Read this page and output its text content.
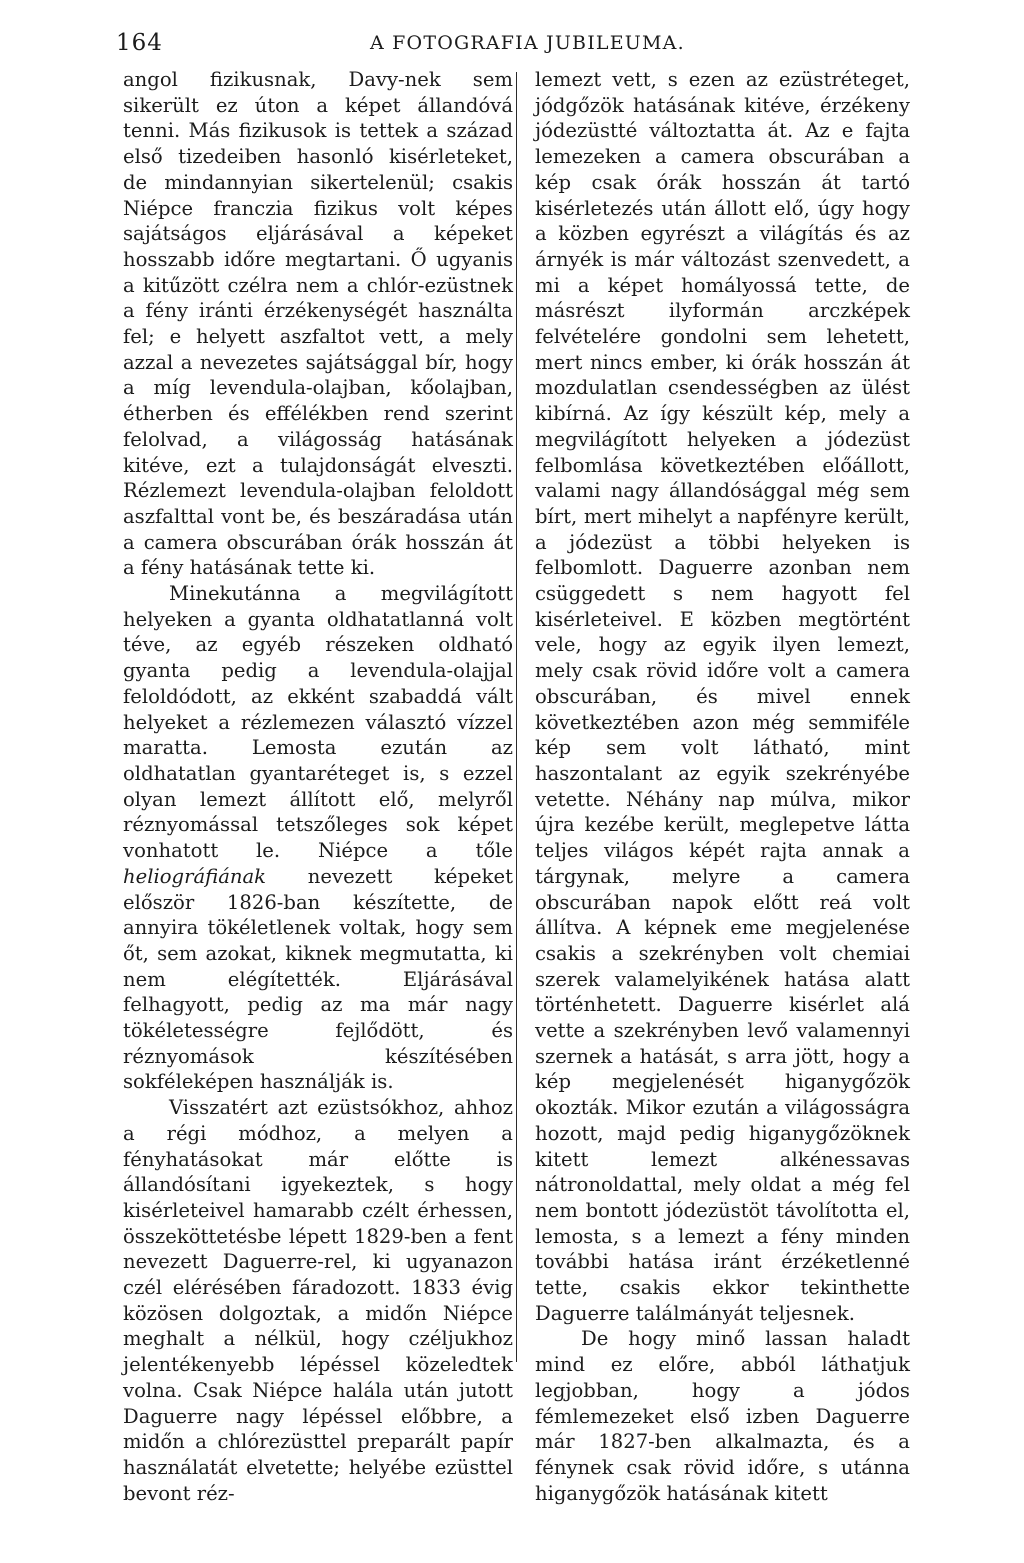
164	A FOTOGRAFIA JUBILEUMA.

angol fizikusnak, Davy-nek sem sikerült ez úton a képet állandóvá tenni. Más fizikusok is tettek a század első tizedeiben hasonló kisérleteket, de mindannyian sikertelenül; csakis Niépce franczia fizikus volt képes sajátságos eljárásával a képeket hosszabb időre megtartani. Ő ugyanis a kitűzött czélra nem a chlór-ezüstnek a fény iránti érzékenységét használta fel; e helyett aszfaltot vett, a mely azzal a nevezetes sajátsággal bír, hogy a míg levendula-olajban, kőolajban, étherben és effélékben rend szerint felolvad, a világosság hatásának kitéve, ezt a tulajdonságát elveszti. Rézlemezt levendula-olajban feloldott aszfalttal vont be, és beszáradása után a camera obscurában órák hosszán át a fény hatásának tette ki.

Minekutánna a megvilágított helyeken a gyanta oldhatatlanná volt téve, az egyéb részeken oldható gyanta pedig a levendula-olajjal feloldódott, az ekként szabaddá vált helyeket a rézlemezen választó vízzel maratta. Lemosta ezután az oldhatatlan gyantaréteget is, s ezzel olyan lemezt állított elő, melyről réznyomással tetszőleges sok képet vonhatott le. Niépce a tőle heliográfiának nevezett képeket először 1826-ban készítette, de annyira tökéletlenek voltak, hogy sem őt, sem azokat, kiknek megmutatta, ki nem elégítették. Eljárásával felhagyott, pedig az ma már nagy tökéletességre fejlődött, és réznyomások készítésében sokféleképen használják is.

Visszatért azt ezüstsókhoz, ahhoz a régi módhoz, a melyen a fényhatásokat már előtte is állandósítani igyekeztek, s hogy kisérleteivel hamarabb czélt érhessen, összeköttetésbe lépett 1829-ben a fent nevezett Daguerre-rel, ki ugyanazon czél elérésében fáradozott. 1833 évig közösen dolgoztak, a midőn Niépce meghalt a nélkül, hogy czéljukhoz jelentékenyebb lépéssel közeledtek volna. Csak Niépce halála után jutott Daguerre nagy lépéssel előbbre, a midőn a chlórezüsttel preparált papír használatát elvetette; helyébe ezüsttel bevont réz-

lemezt vett, s ezen az ezüstréteget, jódgőzök hatásának kitéve, érzékeny jódezüstté változtatta át. Az e fajta lemezeken a camera obscurában a kép csak órák hosszán át tartó kisérletezés után állott elő, úgy hogy a közben egyrészt a világítás és az árnyék is már változást szenvedett, a mi a képet homályossá tette, de másrészt ilyformán arczképek felvételére gondolni sem lehetett, mert nincs ember, ki órák hosszán át mozdulatlan csendességben az ülést kibírná. Az így készült kép, mely a megvilágított helyeken a jódezüst felbomlása következtében előállott, valami nagy állandósággal még sem bírt, mert mihelyt a napfényre került, a jódezüst a többi helyeken is felbomlott. Daguerre azonban nem csüggedett s nem hagyott fel kisérleteivel. E közben megtörtént vele, hogy az egyik ilyen lemezt, mely csak rövid időre volt a camera obscurában, és mivel ennek következtében azon még semmiféle kép sem volt látható, mint haszontalant az egyik szekrényébe vetette. Néhány nap múlva, mikor újra kezébe került, meglepetve látta teljes világos képét rajta annak a tárgynak, melyre a camera obscurában napok előtt reá volt állítva. A képnek eme megjelenése csakis a szekrényben volt chemiai szerek valamelyikének hatása alatt történhetett. Daguerre kisérlet alá vette a szekrényben levő valamennyi szernek a hatását, s arra jött, hogy a kép megjelenését higanygőzök okozták. Mikor ezután a világosságra hozott, majd pedig higanygőzöknek kitett lemezt alkénessavas nátronoldattal, mely oldat a még fel nem bontott jódezüstöt távolította el, lemosta, s a lemezt a fény minden további hatása iránt érzéketlenné tette, csakis ekkor tekinthette Daguerre találmányát teljesnek.

De hogy minő lassan haladt mind ez előre, abból láthatjuk legjobban, hogy a jódos fémlemezeket első izben Daguerre már 1827-ben alkalmazta, és a fénynek csak rövid időre, s utánna higanygőzök hatásának kitett
